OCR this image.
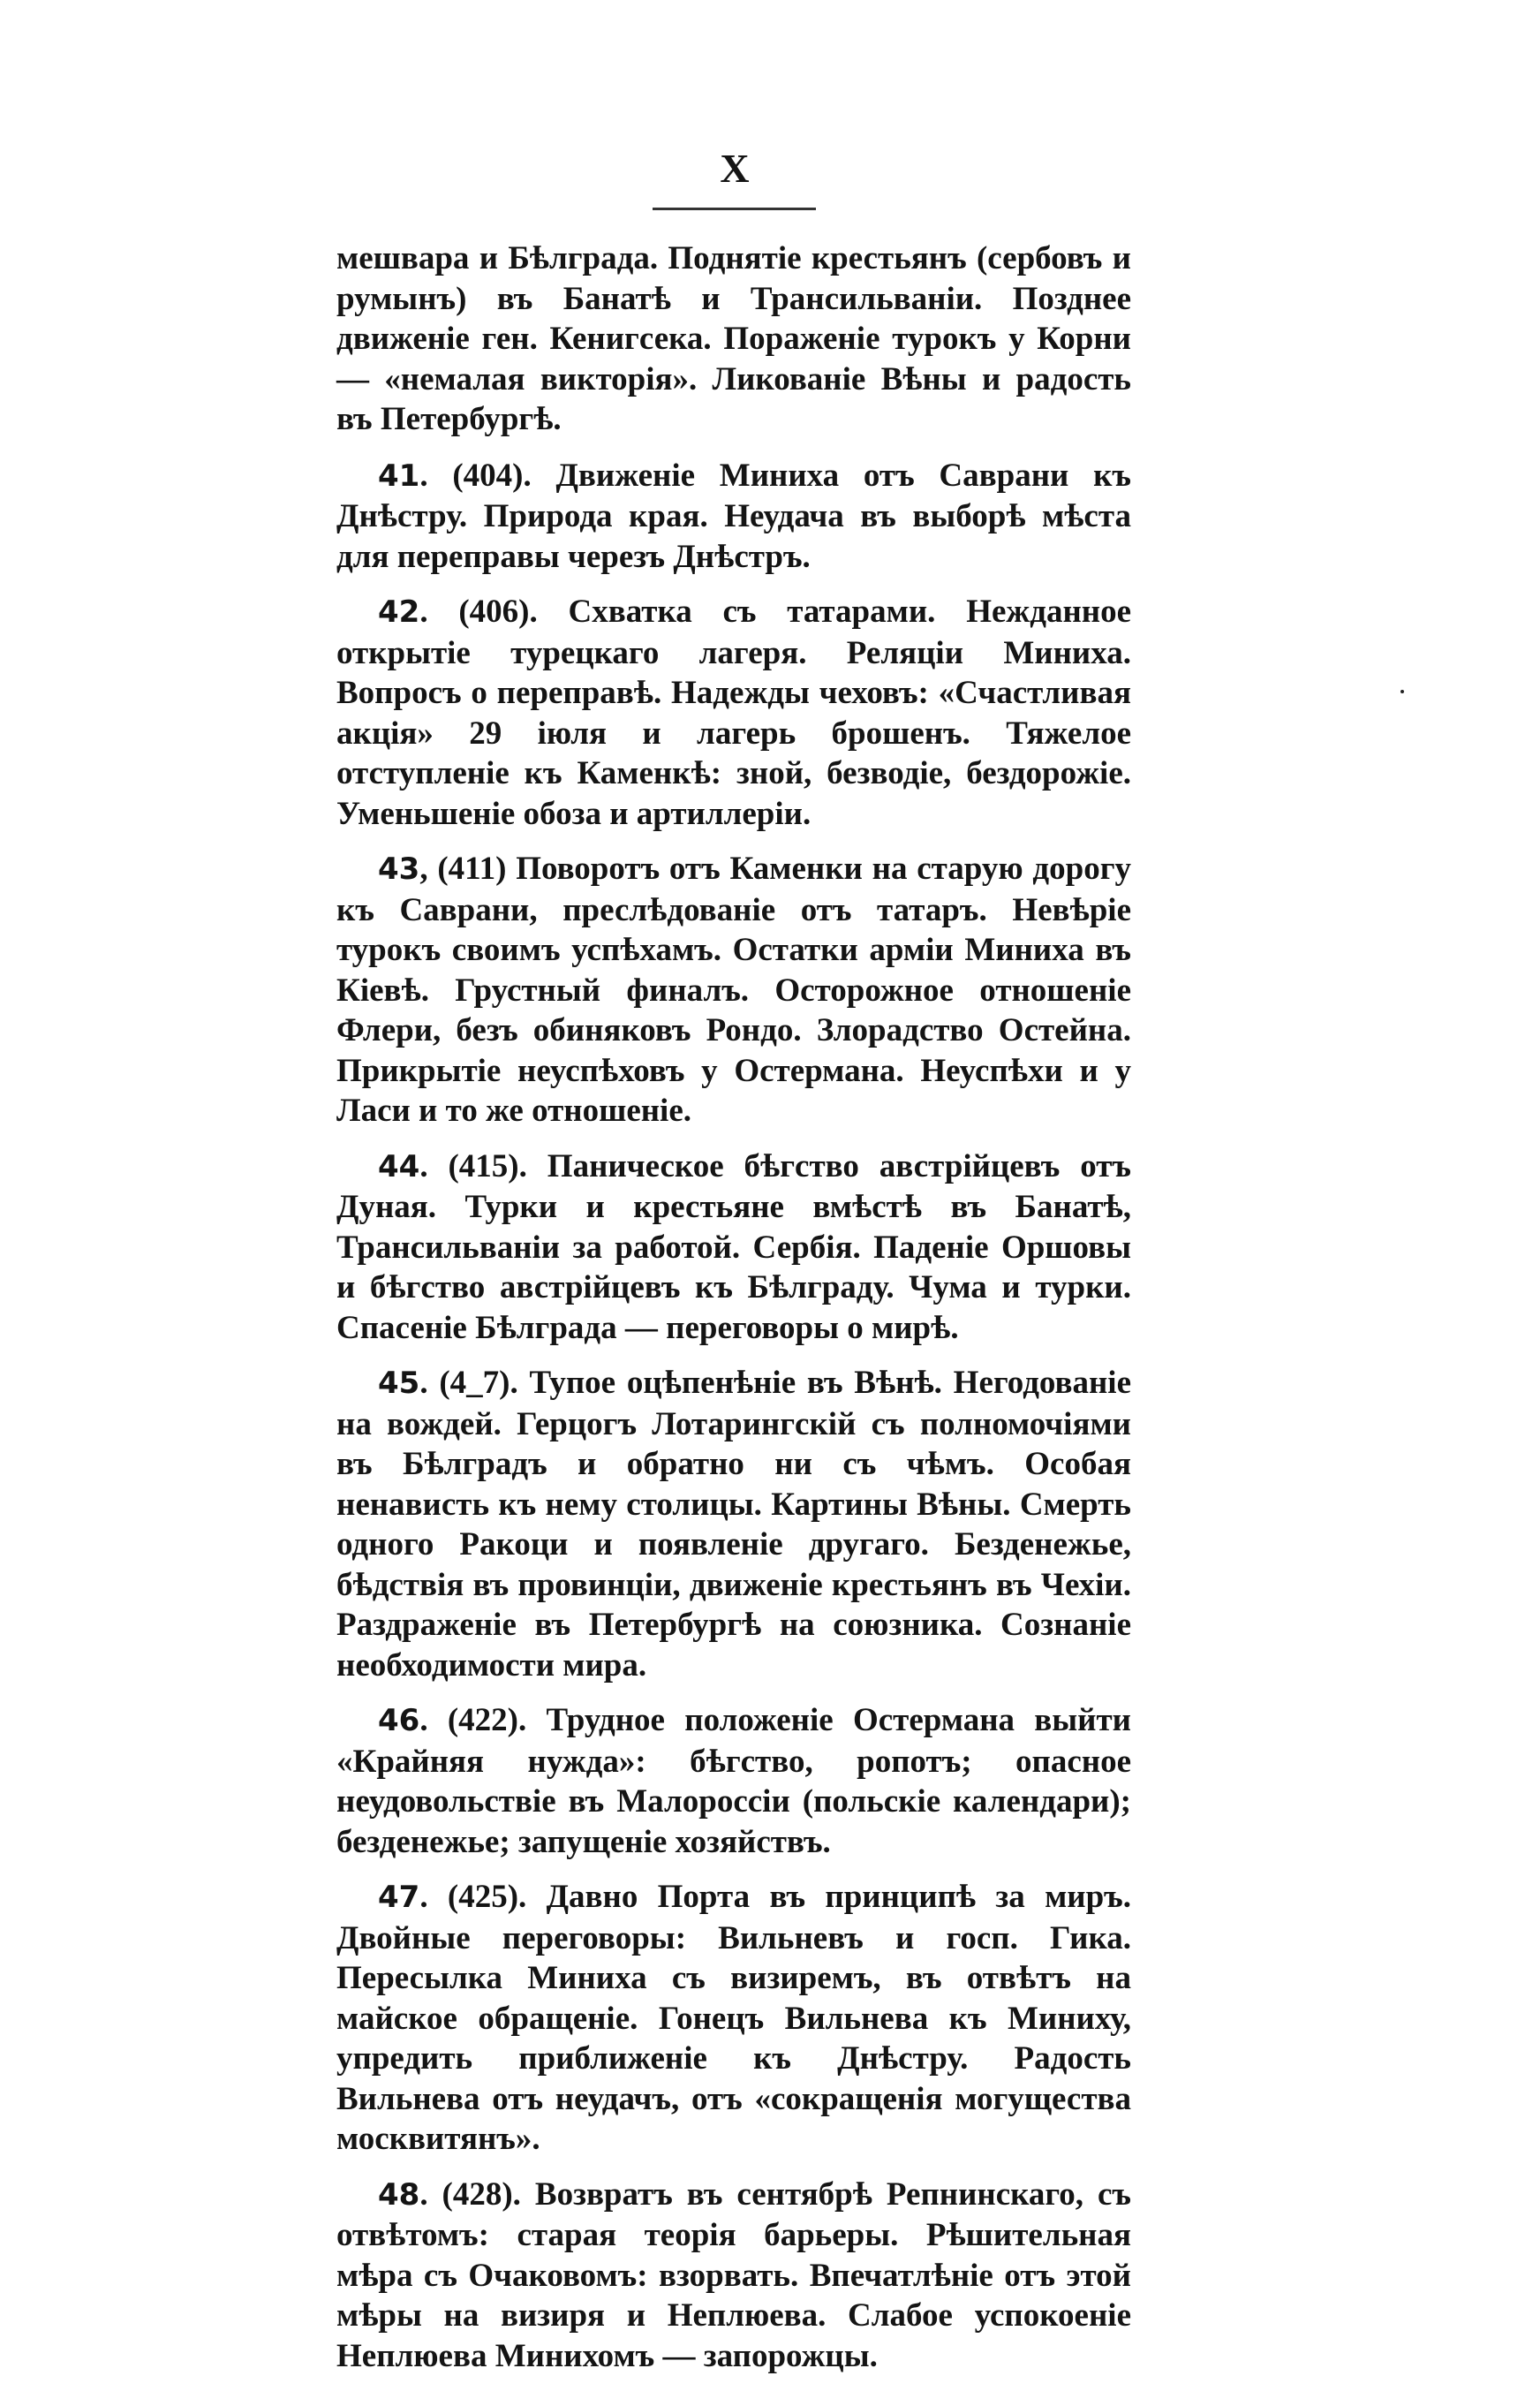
X

мешвара и Бѣлграда. Поднятіе крестьянъ (сербовъ и румынъ) въ Банатѣ и Трансильваніи. Позднее движеніе ген. Кенигсека. Пораженіе турокъ у Корни — «немалая викторія». Ликованіе Вѣны и радость въ Петербургѣ.

41. (404). Движеніе Миниха отъ Саврани къ Днѣстру. Природа края. Неудача въ выборѣ мѣста для переправы черезъ Днѣстръ.

42. (406). Схватка съ татарами. Нежданное открытіе турецкаго лагеря. Реляціи Миниха. Вопросъ о переправѣ. Надежды чеховъ: «Счастливая акція» 29 іюля и лагерь брошенъ. Тяжелое отступленіе къ Каменкѣ: зной, безводіе, бездорожіе. Уменьшеніе обоза и артиллеріи.

43, (411) Поворотъ отъ Каменки на старую дорогу къ Саврани, преслѣдованіе отъ татаръ. Невѣріе турокъ своимъ успѣхамъ. Остатки арміи Миниха въ Кіевѣ. Грустный финалъ. Осторожное отношеніе Флери, безъ обиняковъ Рондо. Злорадство Остейна. Прикрытіе неуспѣховъ у Остермана. Неуспѣхи и у Ласи и то же отношеніе.

44. (415). Паническое бѣгство австрійцевъ отъ Дуная. Турки и крестьяне вмѣстѣ въ Банатѣ, Трансильваніи за работой. Сербія. Паденіе Оршовы и бѣгство австрійцевъ къ Бѣлграду. Чума и турки. Спасеніе Бѣлграда — переговоры о мирѣ.

45. (4_7). Тупое оцѣпенѣніе въ Вѣнѣ. Негодованіе на вождей. Герцогъ Лотарингскій съ полномочіями въ Бѣлградъ и обратно ни съ чѣмъ. Особая ненависть къ нему столицы. Картины Вѣны. Смерть одного Ракоци и появленіе другаго. Безденежье, бѣдствія въ провинціи, движеніе крестьянъ въ Чехіи. Раздраженіе въ Петербургѣ на союзника. Сознаніе необходимости мира.

46. (422). Трудное положеніе Остермана выйти «Крайняя нужда»: бѣгство, ропотъ; опасное неудовольствіе въ Малороссіи (польскіе календари); безденежье; запущеніе хозяйствъ.

47. (425). Давно Порта въ принципѣ за миръ. Двойные переговоры: Вильневъ и госп. Гика. Пересылка Миниха съ визиремъ, въ отвѣтъ на майское обращеніе. Гонецъ Вильнева къ Миниху, упредить приближеніе къ Днѣстру. Радость Вильнева отъ неудачъ, отъ «сокращенія могущества москвитянъ».

48. (428). Возвратъ въ сентябрѣ Репнинскаго, съ отвѣтомъ: старая теорія барьеры. Рѣшительная мѣра съ Очаковомъ: взорвать. Впечатлѣніе отъ этой мѣры на визиря и Неплюева. Слабое успокоеніе Неплюева Минихомъ — запорожцы.
